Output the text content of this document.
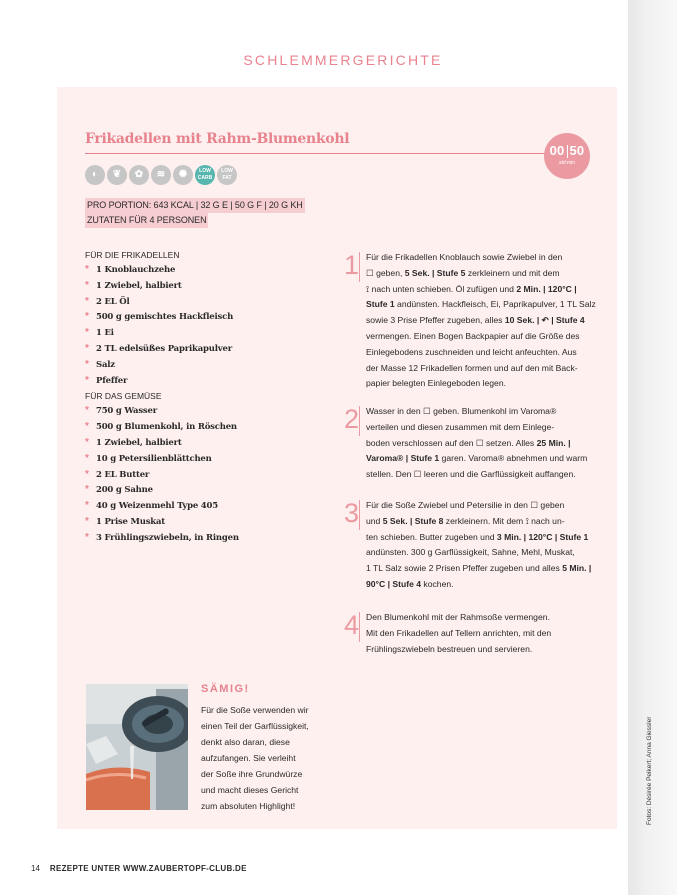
SCHLEMMERGERICHTE
Frikadellen mit Rahm-Blumenkohl
00 50
std:min
◐	❦	✿	≋	✺	LOW
CARB
LOW
FAT
PRO PORTION: 643 KCAL | 32 G E | 50 G F | 20 G KH
ZUTATEN FÜR 4 PERSONEN
FÜR DIE FRIKADELLEN
* 1 Knoblauchzehe
* 1 Zwiebel, halbiert
* 2 EL Öl
* 500 g gemischtes Hackfleisch
* 1 Ei
* 2 TL edelsüßes Paprikapulver
* Salz
* Pfeffer
FÜR DAS GEMÜSE
* 750 g Wasser
* 500 g Blumenkohl, in Röschen
* 1 Zwiebel, halbiert
* 10 g Petersilienblättchen
* 2 EL Butter
* 200 g Sahne
* 40 g Weizenmehl Type 405
* 1 Prise Muskat
* 3 Frühlingszwiebeln, in Ringen
1 Für die Frikadellen Knoblauch sowie Zwiebel in den
☐ geben, 5 Sek. | Stufe 5 zerkleinern und mit dem
⟟ nach unten schieben. Öl zufügen und 2 Min. | 120°C |
Stufe 1 andünsten. Hackfleisch, Ei, Paprikapulver, 1 TL Salz
sowie 3 Prise Pfeffer zugeben, alles 10 Sek. | ↶ | Stufe 4
vermengen. Einen Bogen Backpapier auf die Größe des
Einlegebodens zuschneiden und leicht anfeuchten. Aus
der Masse 12 Frikadellen formen und auf den mit Back-
papier belegten Einlegeboden legen.
2 Wasser in den ☐ geben. Blumenkohl im Varoma®
verteilen und diesen zusammen mit dem Einlege-
boden verschlossen auf den ☐ setzen. Alles 25 Min. |
Varoma® | Stufe 1 garen. Varoma® abnehmen und warm
stellen. Den ☐ leeren und die Garflüssigkeit auffangen.
3 Für die Soße Zwiebel und Petersilie in den ☐ geben
und 5 Sek. | Stufe 8 zerkleinern. Mit dem ⟟ nach un-
ten schieben. Butter zugeben und 3 Min. | 120°C | Stufe 1
andünsten. 300 g Garflüssigkeit, Sahne, Mehl, Muskat,
1 TL Salz sowie 2 Prisen Pfeffer zugeben und alles 5 Min. |
90°C | Stufe 4 kochen.
4 Den Blumenkohl mit der Rahmsoße vermengen.
Mit den Frikadellen auf Tellern anrichten, mit den
Frühlingszwiebeln bestreuen und servieren.
SÄMIG!
Für die Soße verwenden wir
einen Teil der Garflüssigkeit,
denkt also daran, diese
aufzufangen. Sie verleiht
der Soße ihre Grundwürze
und macht dieses Gericht
zum absoluten Highlight!
14 REZEPTE UNTER WWW.ZAUBERTOPF-CLUB.DE
Fotos: Désirée Peikert; Anna Giessler
